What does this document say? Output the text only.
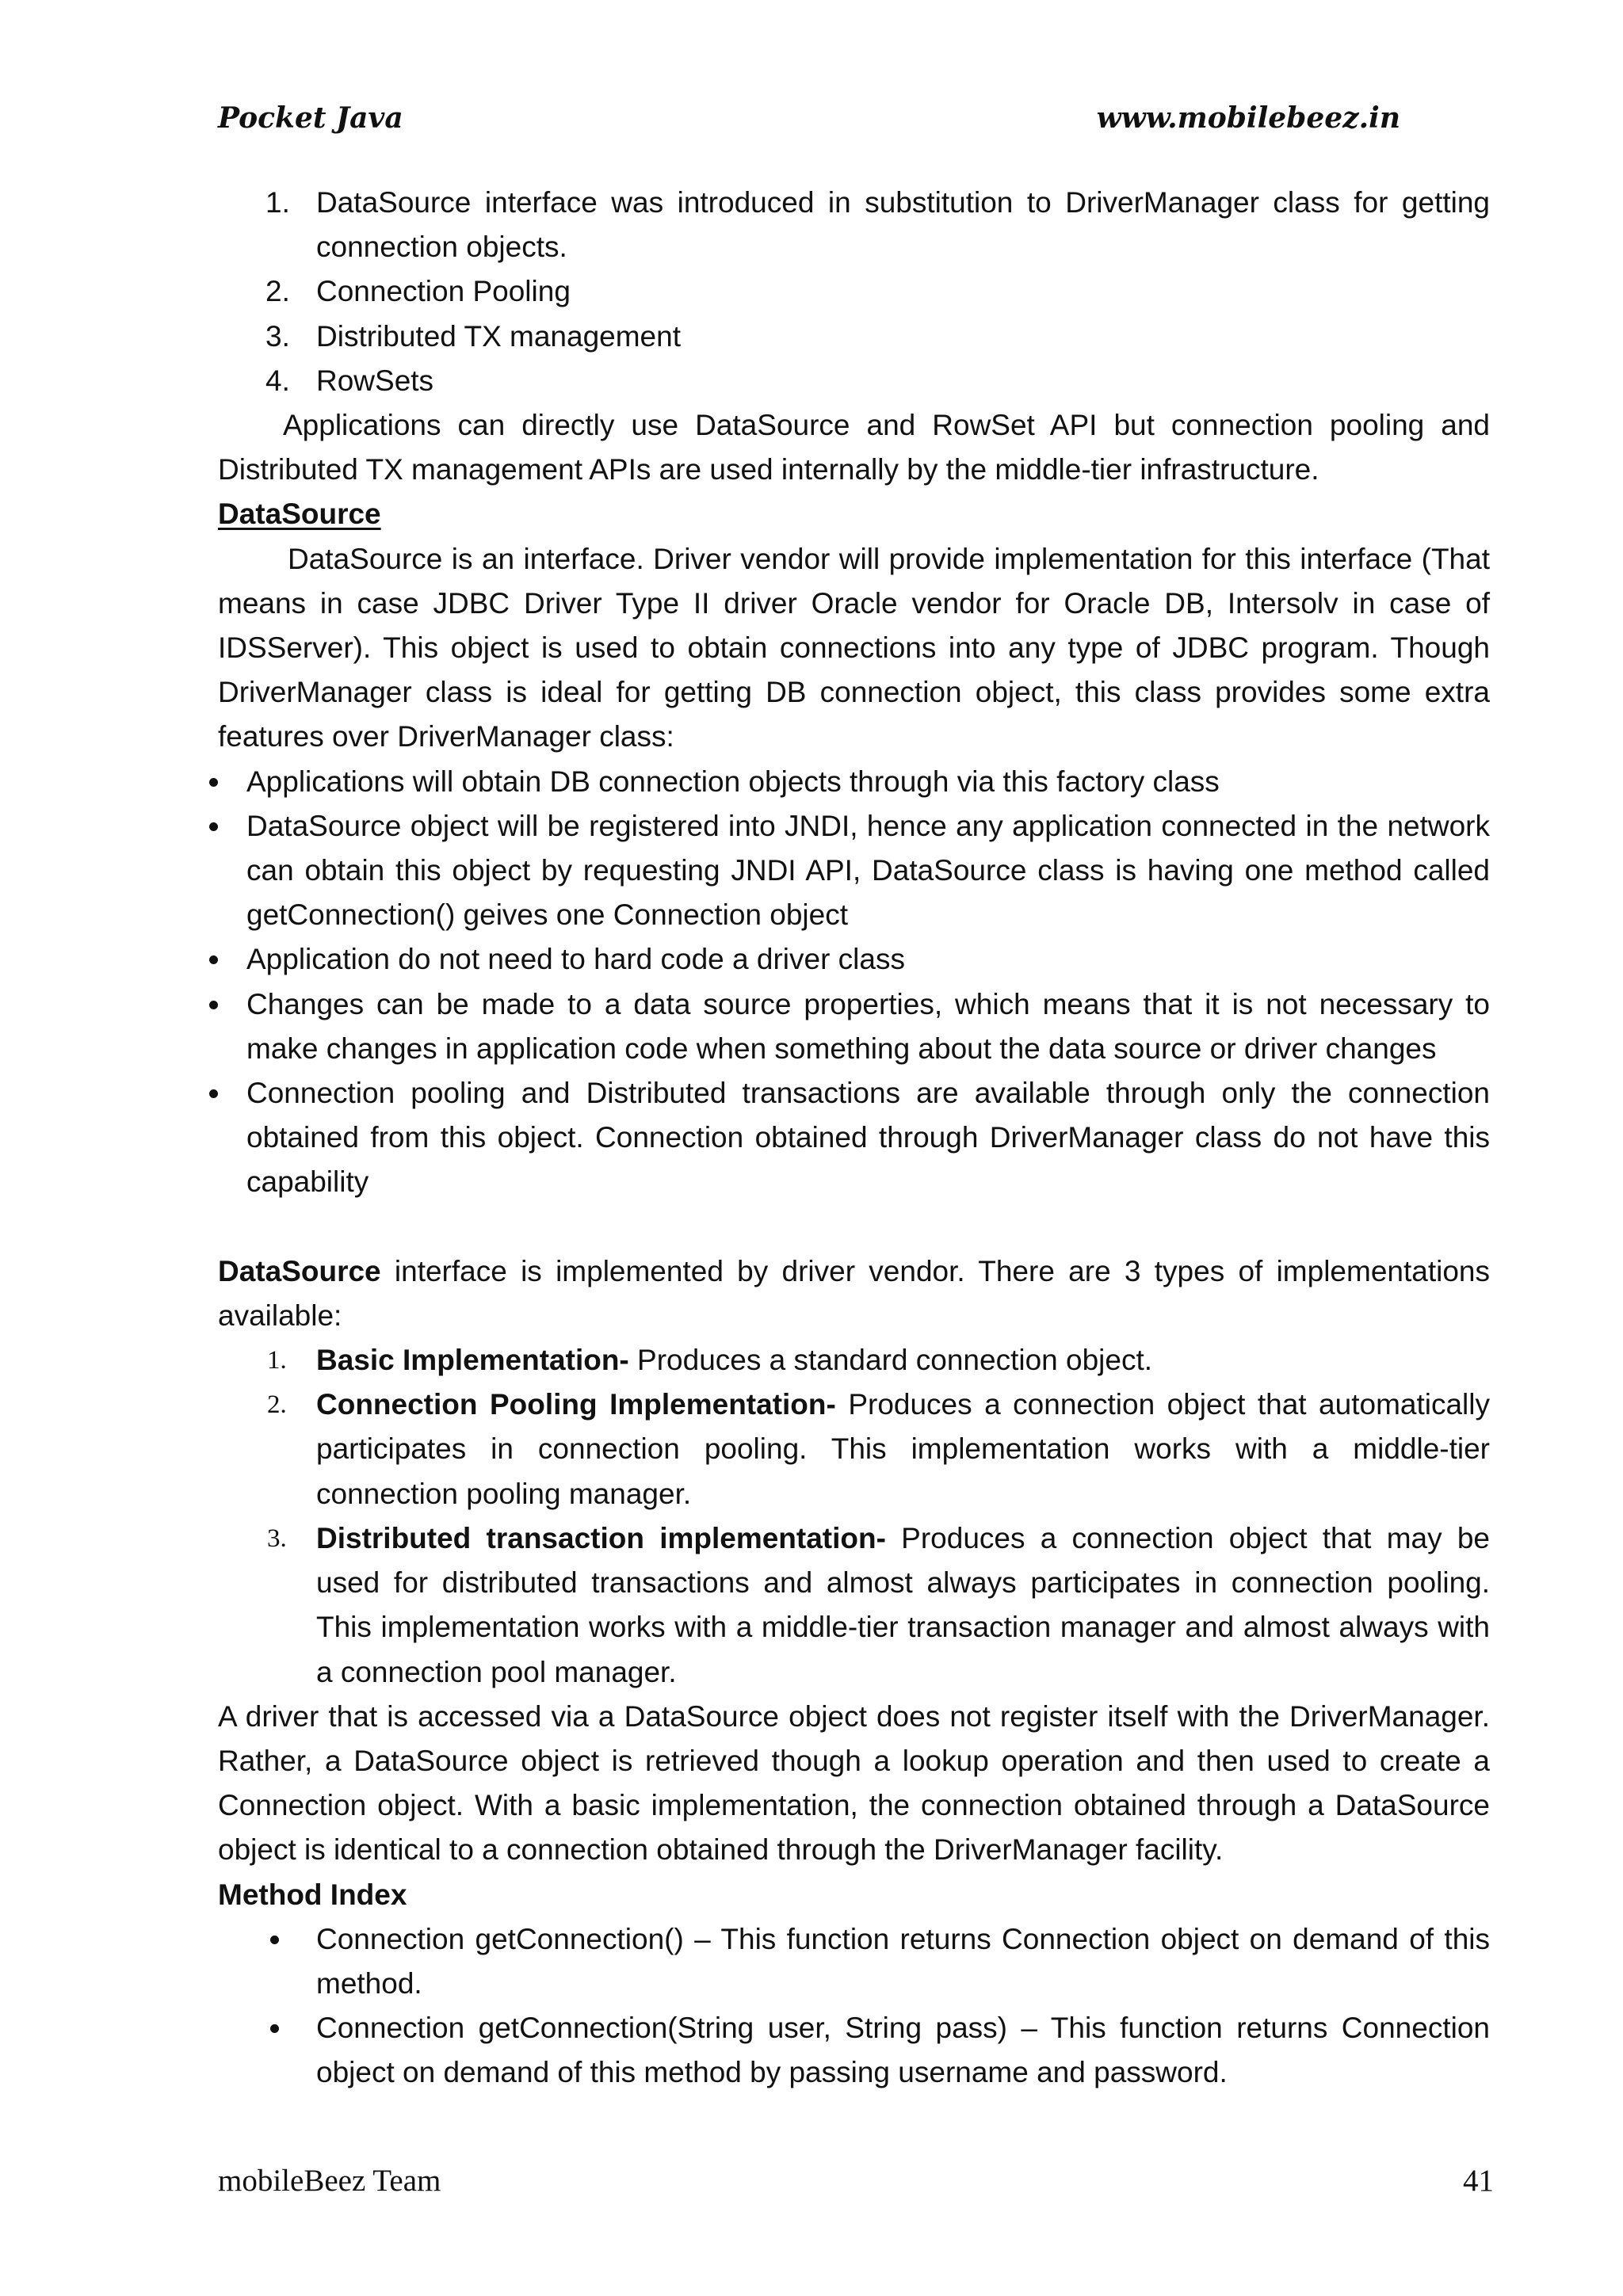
Pocket Java	www.mobilebeez.in
1. DataSource interface was introduced in substitution to DriverManager class for getting connection objects.
2. Connection Pooling
3. Distributed TX management
4. RowSets

Applications can directly use DataSource and RowSet API but connection pooling and Distributed TX management APIs are used internally by the middle-tier infrastructure.

DataSource

DataSource is an interface. Driver vendor will provide implementation for this interface (That means in case JDBC Driver Type II driver Oracle vendor for Oracle DB, Intersolv in case of IDSServer). This object is used to obtain connections into any type of JDBC program. Though DriverManager class is ideal for getting DB connection object, this class provides some extra features over DriverManager class:

Applications will obtain DB connection objects through via this factory class
DataSource object will be registered into JNDI, hence any application connected in the network can obtain this object by requesting JNDI API, DataSource class is having one method called getConnection() geives one Connection object
Application do not need to hard code a driver class
Changes can be made to a data source properties, which means that it is not necessary to make changes in application code when something about the data source or driver changes
Connection pooling and Distributed transactions are available through only the connection obtained from this object. Connection obtained through DriverManager class do not have this capability

DataSource interface is implemented by driver vendor. There are 3 types of implementations available:

1.	Basic Implementation- Produces a standard connection object.
2.	Connection Pooling Implementation- Produces a connection object that automatically participates in connection pooling. This implementation works with a middle-tier connection pooling manager.
3.	Distributed transaction implementation- Produces a connection object that may be used for distributed transactions and almost always participates in connection pooling. This implementation works with a middle-tier transaction manager and almost always with a connection pool manager.

A driver that is accessed via a DataSource object does not register itself with the DriverManager. Rather, a DataSource object is retrieved though a lookup operation and then used to create a Connection object. With a basic implementation, the connection obtained through a DataSource object is identical to a connection obtained through the DriverManager facility.

Method Index
Connection getConnection() – This function returns Connection object on demand of this method.
Connection getConnection(String user, String pass) – This function returns Connection object on demand of this method by passing username and password.
mobileBeez Team	41
